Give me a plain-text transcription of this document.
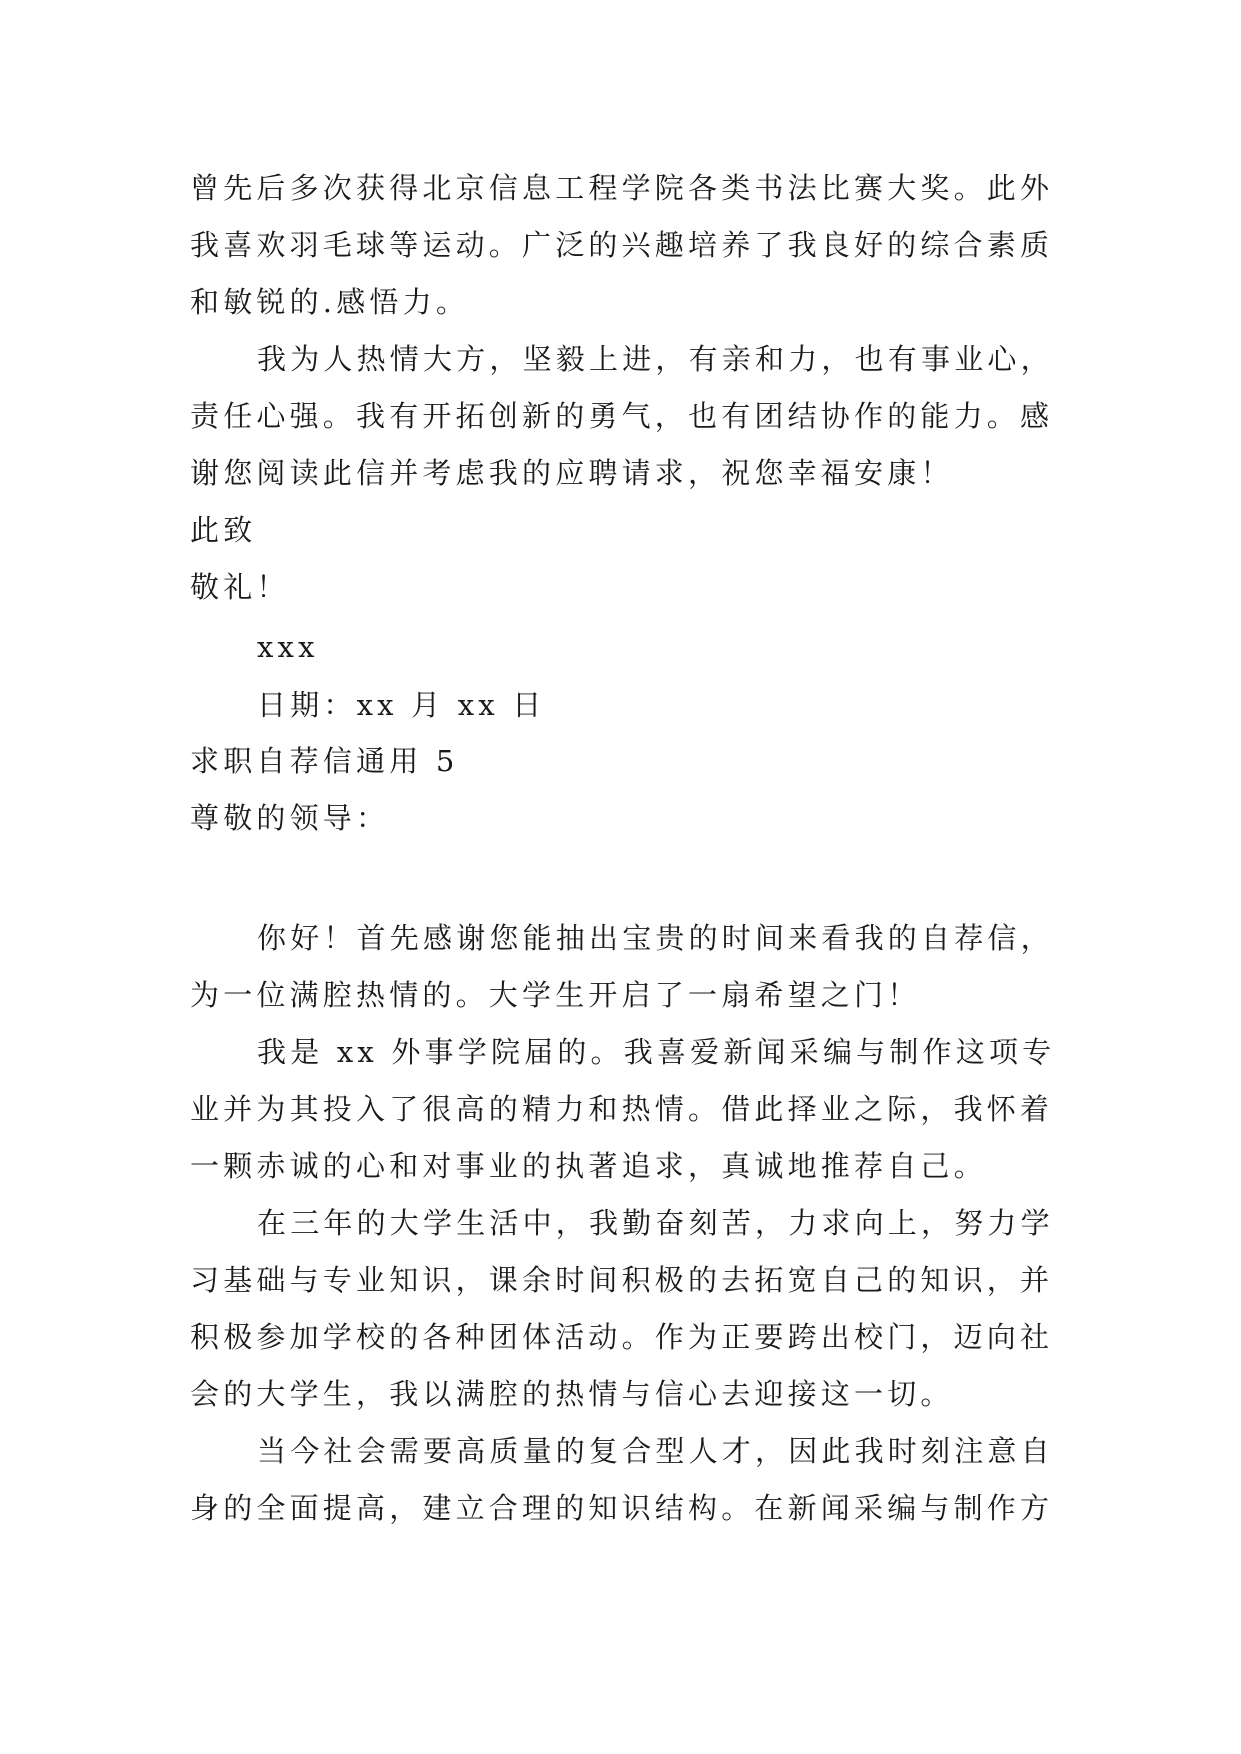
曾先后多次获得北京信息工程学院各类书法比赛大奖。此外
我喜欢羽毛球等运动。广泛的兴趣培养了我良好的综合素质
和敏锐的.感悟力。
我为人热情大方，坚毅上进，有亲和力，也有事业心，
责任心强。我有开拓创新的勇气，也有团结协作的能力。感
谢您阅读此信并考虑我的应聘请求，祝您幸福安康！
此致
敬礼！
xxx
日期：xx 月 xx 日
求职自荐信通用 5
尊敬的领导：
你好！首先感谢您能抽出宝贵的时间来看我的自荐信，
为一位满腔热情的。大学生开启了一扇希望之门！
我是 xx 外事学院届的。我喜爱新闻采编与制作这项专
业并为其投入了很高的精力和热情。借此择业之际，我怀着
一颗赤诚的心和对事业的执著追求，真诚地推荐自己。
在三年的大学生活中，我勤奋刻苦，力求向上，努力学
习基础与专业知识，课余时间积极的去拓宽自己的知识，并
积极参加学校的各种团体活动。作为正要跨出校门，迈向社
会的大学生，我以满腔的热情与信心去迎接这一切。
当今社会需要高质量的复合型人才，因此我时刻注意自
身的全面提高，建立合理的知识结构。在新闻采编与制作方
